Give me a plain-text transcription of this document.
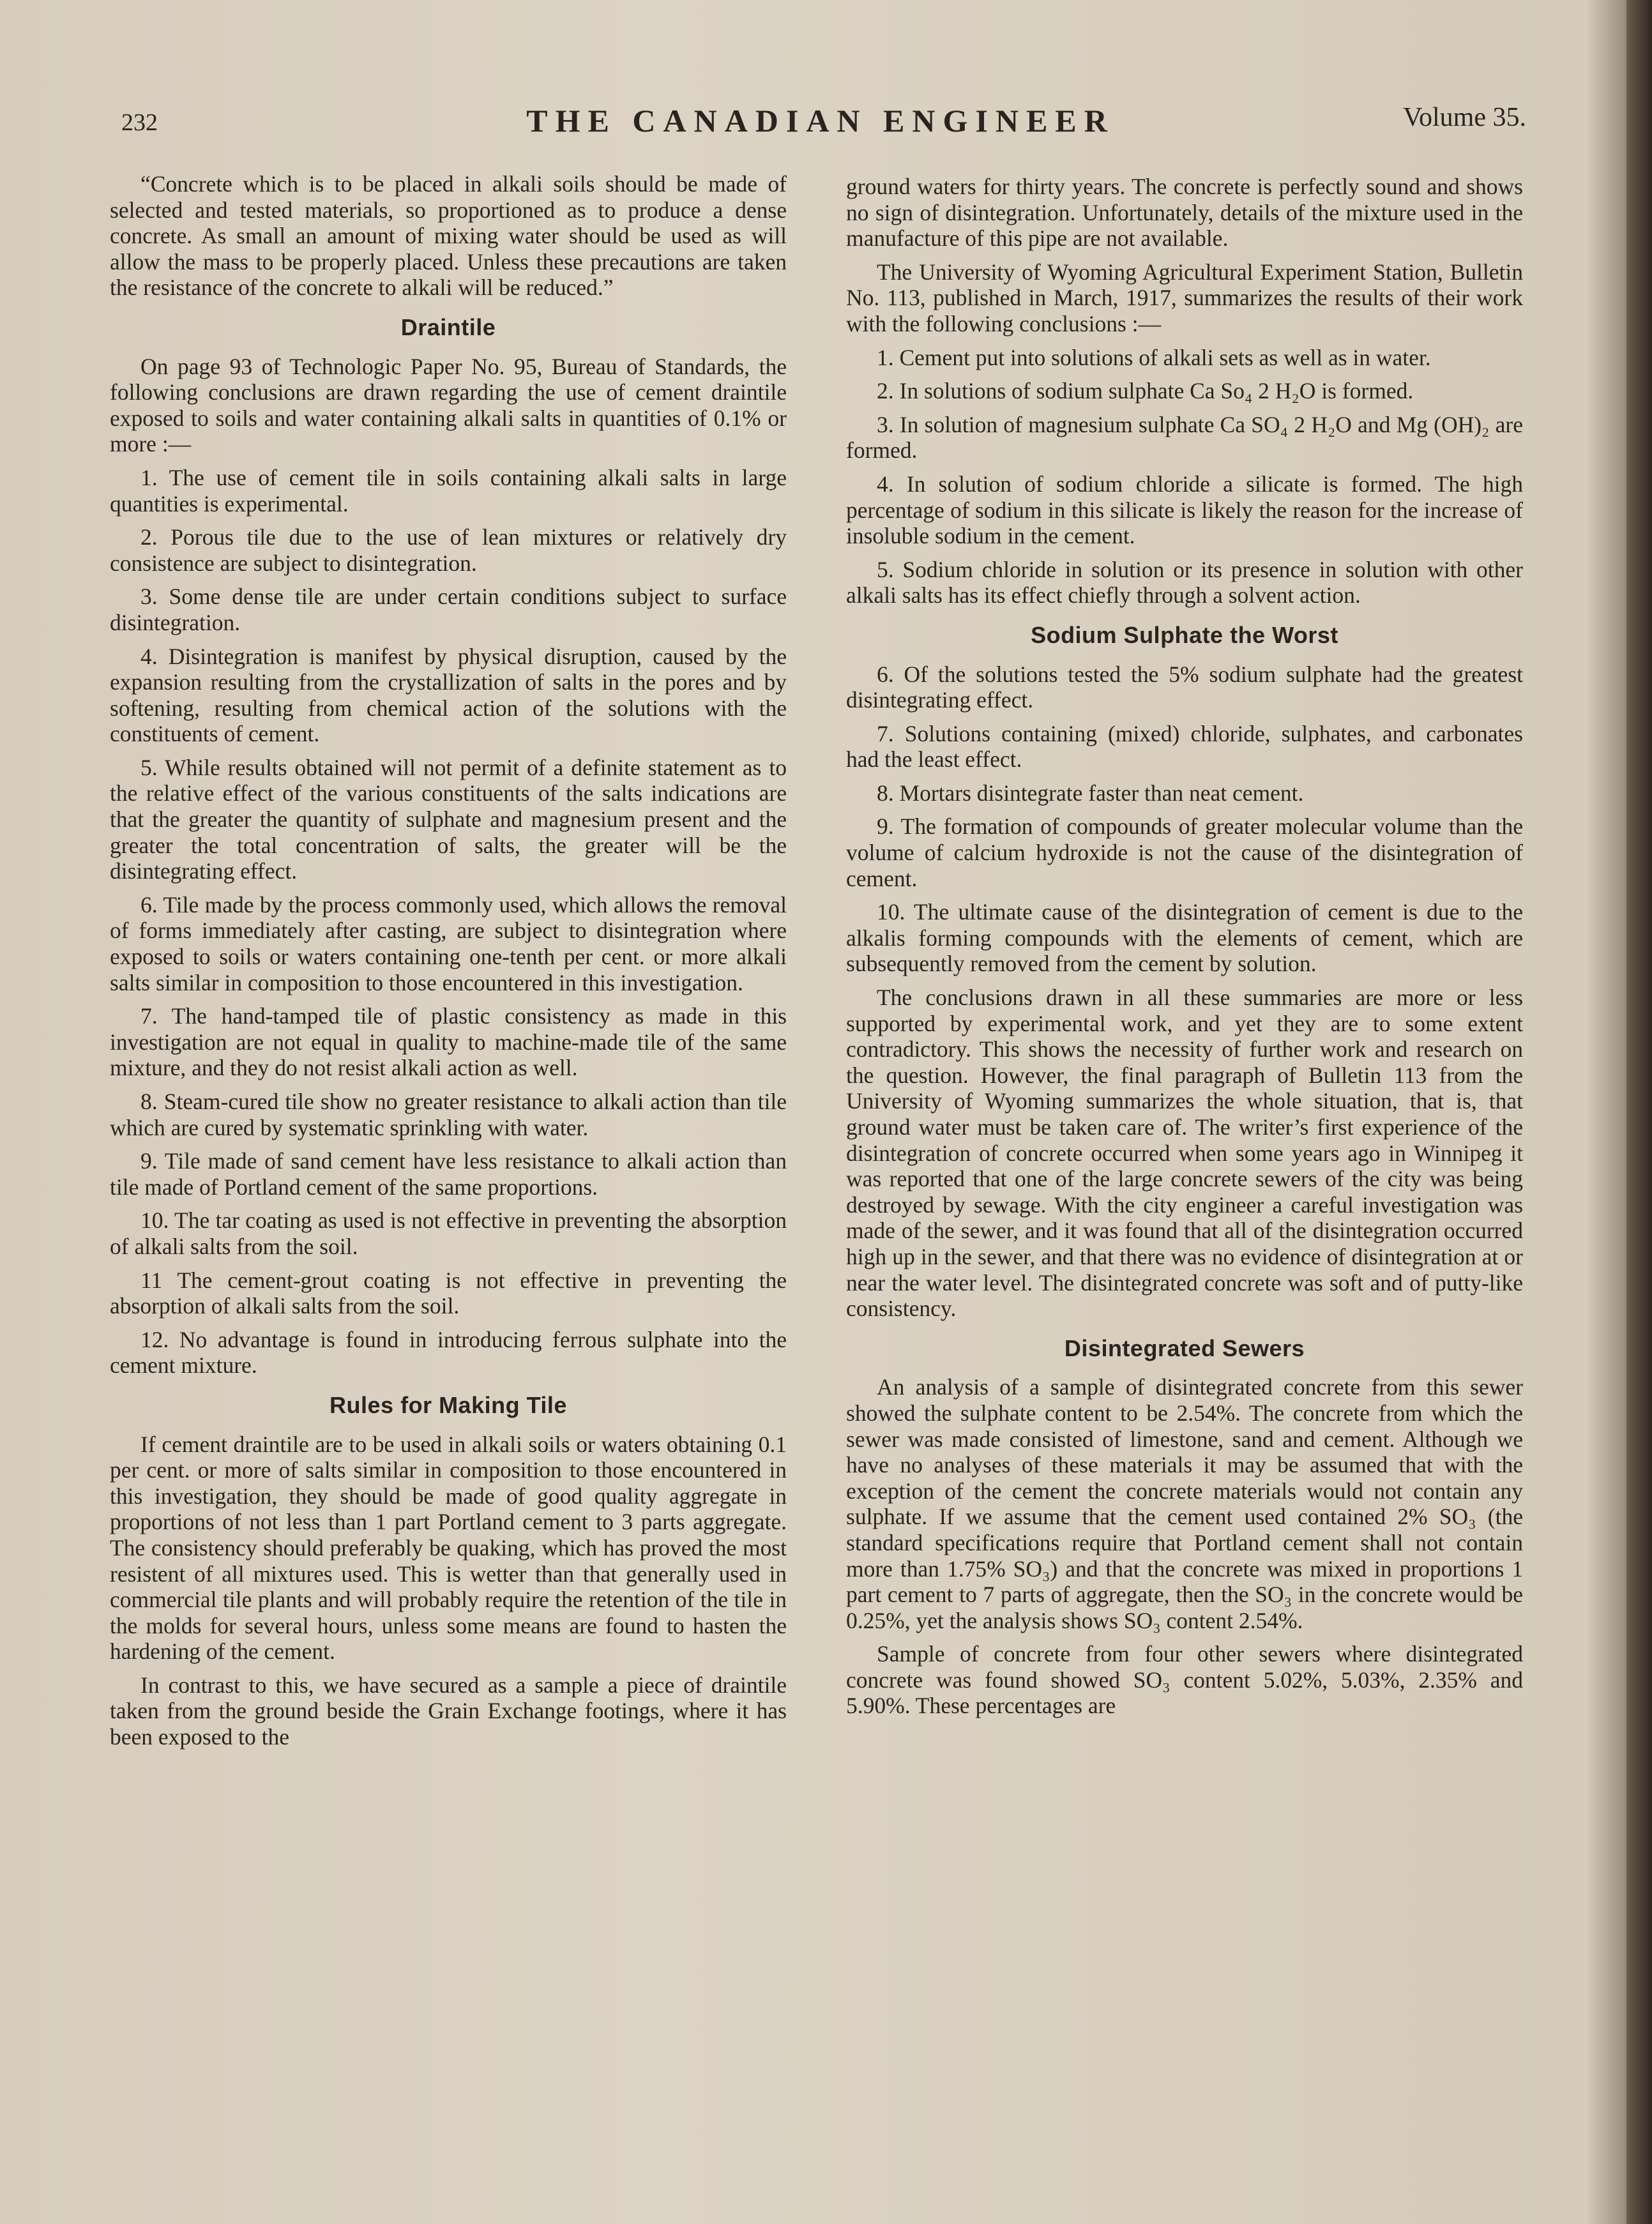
232	THE CANADIAN ENGINEER	Volume 35.

“Concrete which is to be placed in alkali soils should be made of selected and tested materials, so proportioned as to produce a dense concrete. As small an amount of mixing water should be used as will allow the mass to be properly placed. Unless these precautions are taken the resistance of the concrete to alkali will be reduced.”

Draintile

On page 93 of Technologic Paper No. 95, Bureau of Standards, the following conclusions are drawn regarding the use of cement draintile exposed to soils and water containing alkali salts in quantities of 0.1% or more :—

1. The use of cement tile in soils containing alkali salts in large quantities is experimental.

2. Porous tile due to the use of lean mixtures or relatively dry consistence are subject to disintegration.

3. Some dense tile are under certain conditions subject to surface disintegration.

4. Disintegration is manifest by physical disruption, caused by the expansion resulting from the crystallization of salts in the pores and by softening, resulting from chemical action of the solutions with the constituents of cement.

5. While results obtained will not permit of a definite statement as to the relative effect of the various constituents of the salts indications are that the greater the quantity of sulphate and magnesium present and the greater the total concentration of salts, the greater will be the disintegrating effect.

6. Tile made by the process commonly used, which allows the removal of forms immediately after casting, are subject to disintegration where exposed to soils or waters containing one-tenth per cent. or more alkali salts similar in composition to those encountered in this investigation.

7. The hand-tamped tile of plastic consistency as made in this investigation are not equal in quality to machine-made tile of the same mixture, and they do not resist alkali action as well.

8. Steam-cured tile show no greater resistance to alkali action than tile which are cured by systematic sprinkling with water.

9. Tile made of sand cement have less resistance to alkali action than tile made of Portland cement of the same proportions.

10. The tar coating as used is not effective in preventing the absorption of alkali salts from the soil.

11 The cement-grout coating is not effective in preventing the absorption of alkali salts from the soil.

12. No advantage is found in introducing ferrous sulphate into the cement mixture.

Rules for Making Tile

If cement draintile are to be used in alkali soils or waters obtaining 0.1 per cent. or more of salts similar in composition to those encountered in this investigation, they should be made of good quality aggregate in proportions of not less than 1 part Portland cement to 3 parts aggregate. The consistency should preferably be quaking, which has proved the most resistent of all mixtures used. This is wetter than that generally used in commercial tile plants and will probably require the retention of the tile in the molds for several hours, unless some means are found to hasten the hardening of the cement.

In contrast to this, we have secured as a sample a piece of draintile taken from the ground beside the Grain Exchange footings, where it has been exposed to the

ground waters for thirty years. The concrete is perfectly sound and shows no sign of disintegration. Unfortunately, details of the mixture used in the manufacture of this pipe are not available.

The University of Wyoming Agricultural Experiment Station, Bulletin No. 113, published in March, 1917, summarizes the results of their work with the following conclusions :—

1. Cement put into solutions of alkali sets as well as in water.

2. In solutions of sodium sulphate Ca So₄ 2 H₂O is formed.

3. In solution of magnesium sulphate Ca SO₄ 2 H₂O and Mg (OH)₂ are formed.

4. In solution of sodium chloride a silicate is formed. The high percentage of sodium in this silicate is likely the reason for the increase of insoluble sodium in the cement.

5. Sodium chloride in solution or its presence in solution with other alkali salts has its effect chiefly through a solvent action.

Sodium Sulphate the Worst

6. Of the solutions tested the 5% sodium sulphate had the greatest disintegrating effect.

7. Solutions containing (mixed) chloride, sulphates, and carbonates had the least effect.

8. Mortars disintegrate faster than neat cement.

9. The formation of compounds of greater molecular volume than the volume of calcium hydroxide is not the cause of the disintegration of cement.

10. The ultimate cause of the disintegration of cement is due to the alkalis forming compounds with the elements of cement, which are subsequently removed from the cement by solution.

The conclusions drawn in all these summaries are more or less supported by experimental work, and yet they are to some extent contradictory. This shows the necessity of further work and research on the question. However, the final paragraph of Bulletin 113 from the University of Wyoming summarizes the whole situation, that is, that ground water must be taken care of. The writer’s first experience of the disintegration of concrete occurred when some years ago in Winnipeg it was reported that one of the large concrete sewers of the city was being destroyed by sewage. With the city engineer a careful investigation was made of the sewer, and it was found that all of the disintegration occurred high up in the sewer, and that there was no evidence of disintegration at or near the water level. The disintegrated concrete was soft and of putty-like consistency.

Disintegrated Sewers

An analysis of a sample of disintegrated concrete from this sewer showed the sulphate content to be 2.54%. The concrete from which the sewer was made consisted of limestone, sand and cement. Although we have no analyses of these materials it may be assumed that with the exception of the cement the concrete materials would not contain any sulphate. If we assume that the cement used contained 2% SO₃ (the standard specifications require that Portland cement shall not contain more than 1.75% SO₃) and that the concrete was mixed in proportions 1 part cement to 7 parts of aggregate, then the SO₃ in the concrete would be 0.25%, yet the analysis shows SO₃ content 2.54%.

Sample of concrete from four other sewers where disintegrated concrete was found showed SO₃ content 5.02%, 5.03%, 2.35% and 5.90%. These percentages are
